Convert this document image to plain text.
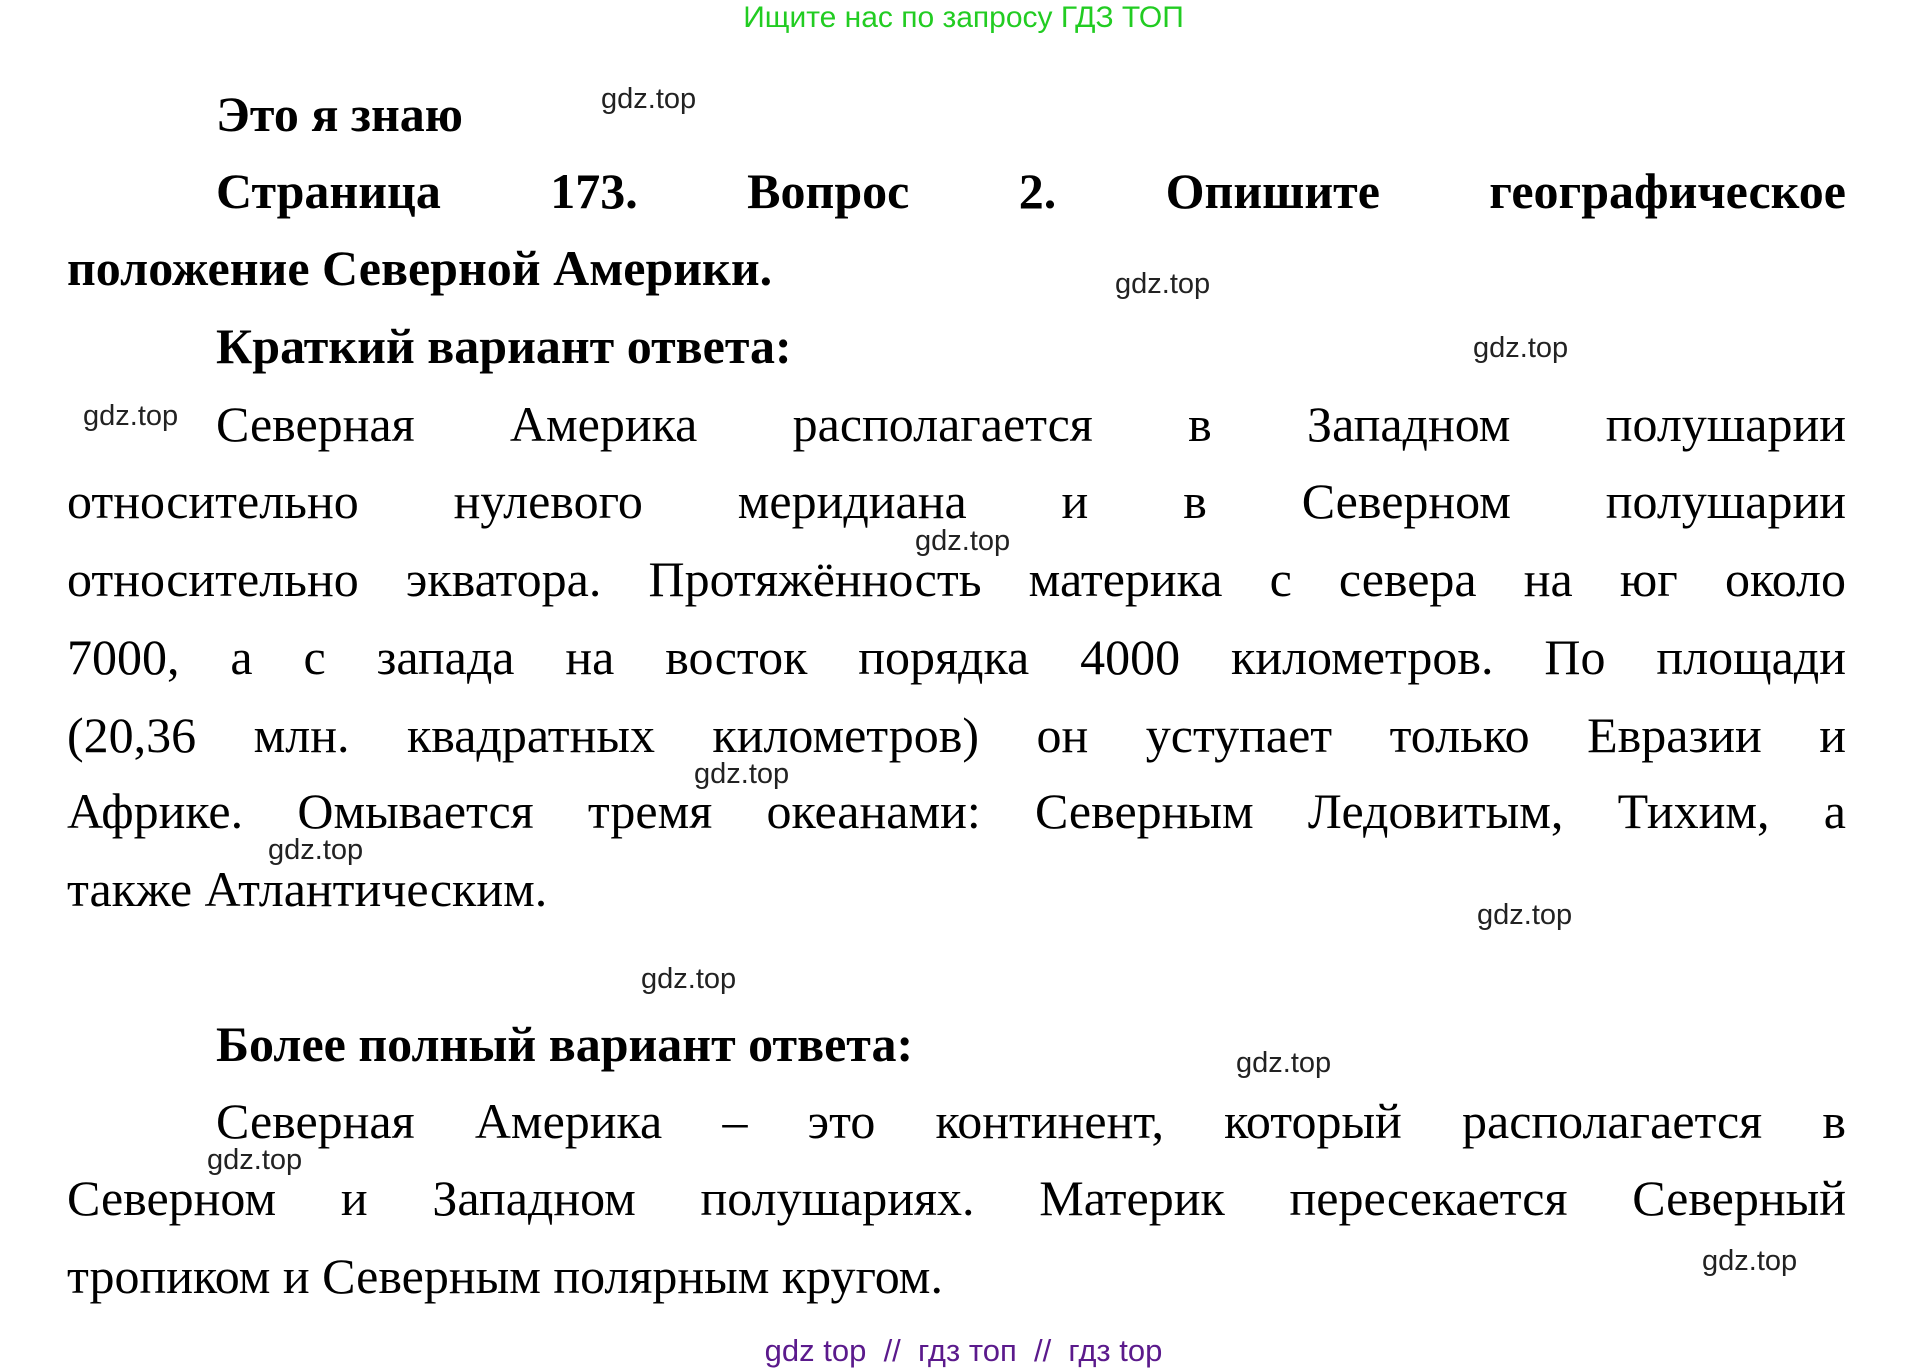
Ищите нас по запросу ГДЗ ТОП
Это я знаю
Страница 173. Вопрос 2. Опишите географическое
положение Северной Америки.
Краткий вариант ответа:
Северная Америка располагается в Западном полушарии
относительно нулевого меридиана и в Северном полушарии
относительно экватора. Протяжённость материка с севера на юг около
7000, а с запада на восток порядка 4000 километров. По площади
(20,36 млн. квадратных километров) он уступает только Евразии и
Африке. Омывается тремя океанами: Северным Ледовитым, Тихим, а
также Атлантическим.
Более полный вариант ответа:
Северная Америка – это континент, который располагается в
Северном и Западном полушариях. Материк пересекается Северный
тропиком и Северным полярным кругом.
gdz.top
gdz.top
gdz.top
gdz.top
gdz.top
gdz.top
gdz.top
gdz.top
gdz.top
gdz.top
gdz.top
gdz.top
gdz top  //  гдз топ  //  гдз top
